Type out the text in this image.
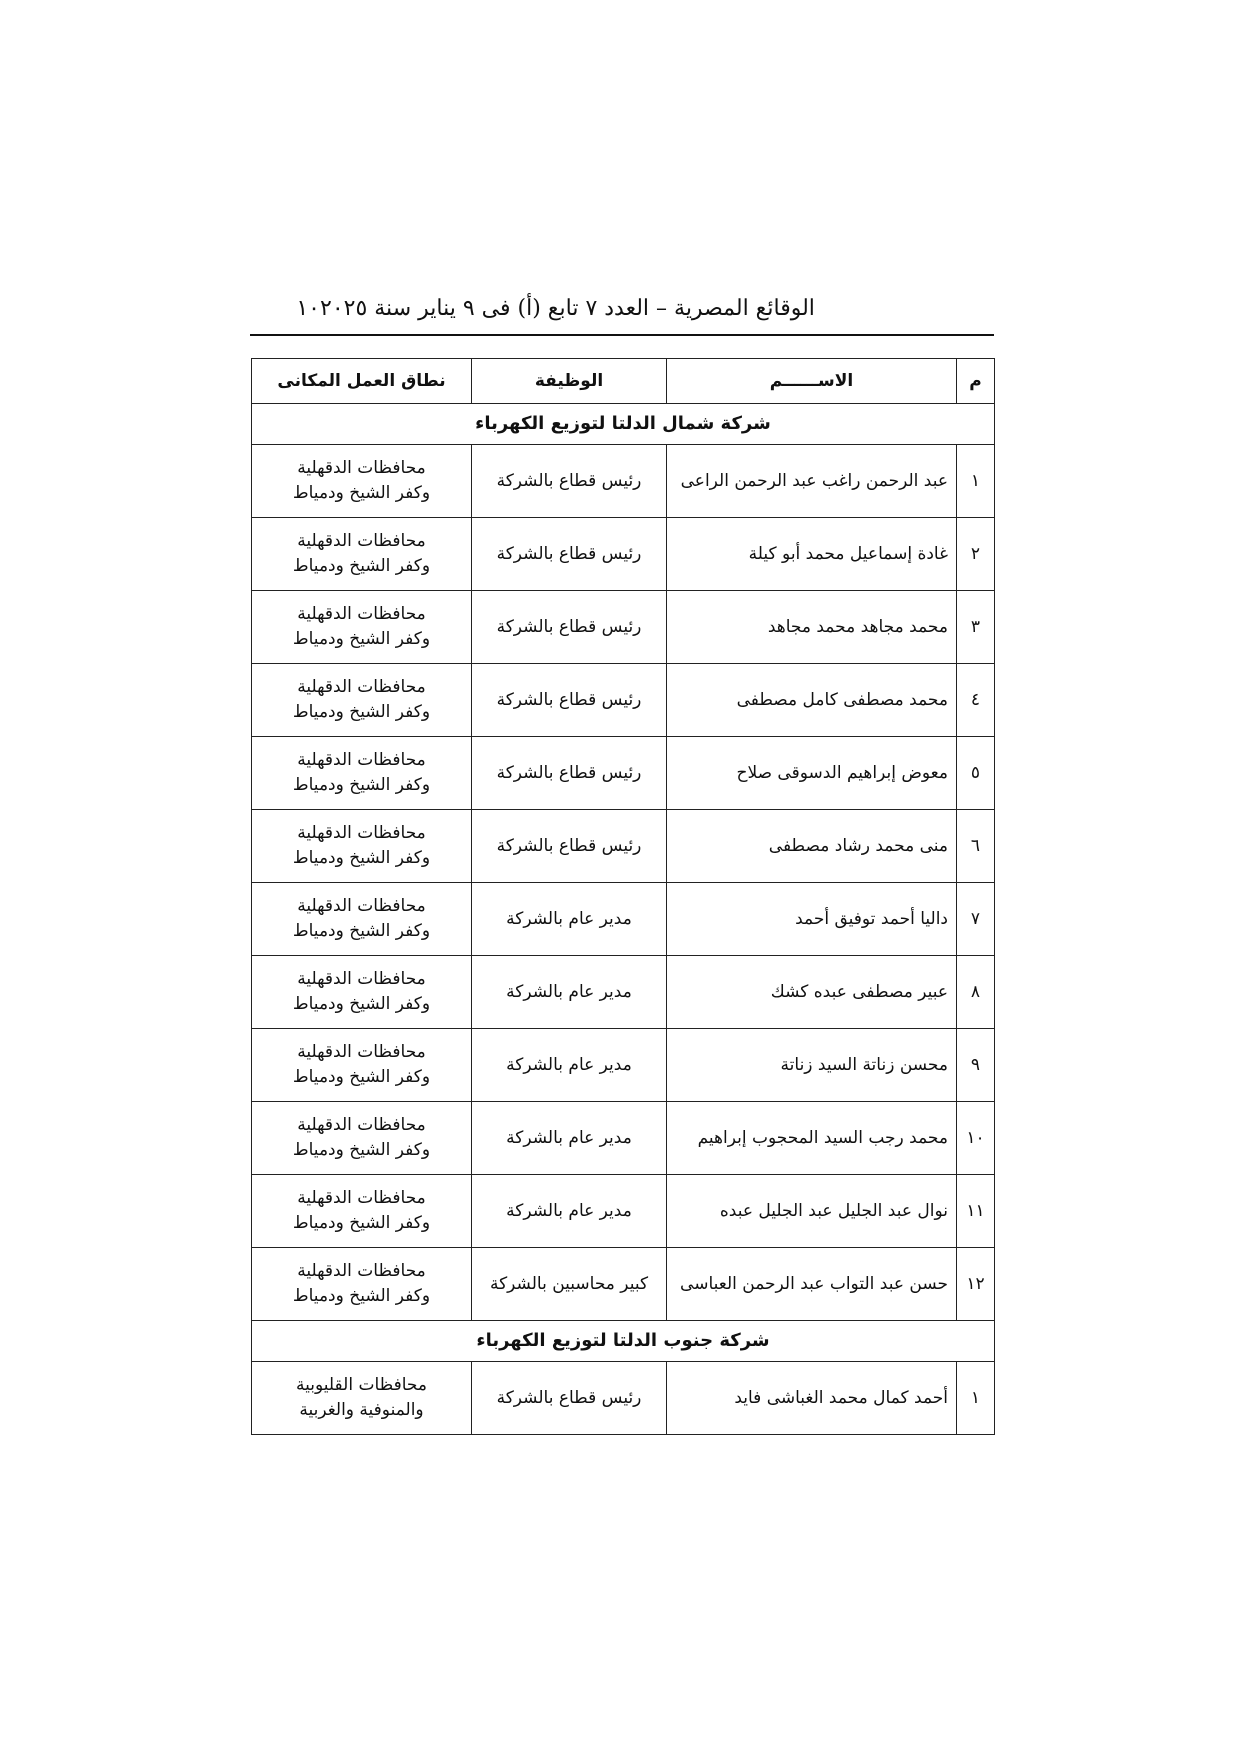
١٠ الوقائع المصرية – العدد ٧ تابع (أ) فى ٩ يناير سنة ٢٠٢٥
م	الاســــــم	الوظيفة	نطاق العمل المكانى
شركة شمال الدلتا لتوزيع الكهرباء			
١	عبد الرحمن راغب عبد الرحمن الراعى	رئيس قطاع بالشركة	محافظات الدقهلية
وكفر الشيخ ودمياط

٢	غادة إسماعيل محمد أبو كيلة	رئيس قطاع بالشركة	محافظات الدقهلية
وكفر الشيخ ودمياط

٣	محمد مجاهد محمد مجاهد	رئيس قطاع بالشركة	محافظات الدقهلية
وكفر الشيخ ودمياط

٤	محمد مصطفى كامل مصطفى	رئيس قطاع بالشركة	محافظات الدقهلية
وكفر الشيخ ودمياط

٥	معوض إبراهيم الدسوقى صلاح	رئيس قطاع بالشركة	محافظات الدقهلية
وكفر الشيخ ودمياط

٦	منى محمد رشاد مصطفى	رئيس قطاع بالشركة	محافظات الدقهلية
وكفر الشيخ ودمياط

٧	داليا أحمد توفيق أحمد	مدير عام بالشركة	محافظات الدقهلية
وكفر الشيخ ودمياط

٨	عبير مصطفى عبده كشك	مدير عام بالشركة	محافظات الدقهلية
وكفر الشيخ ودمياط

٩	محسن زناتة السيد زناتة	مدير عام بالشركة	محافظات الدقهلية
وكفر الشيخ ودمياط

١٠	محمد رجب السيد المحجوب إبراهيم	مدير عام بالشركة	محافظات الدقهلية
وكفر الشيخ ودمياط

١١	نوال عبد الجليل عبد الجليل عبده	مدير عام بالشركة	محافظات الدقهلية
وكفر الشيخ ودمياط

١٢	حسن عبد التواب عبد الرحمن العباسى	كبير محاسبين بالشركة	محافظات الدقهلية
وكفر الشيخ ودمياط

شركة جنوب الدلتا لتوزيع الكهرباء			
١	أحمد كمال محمد الغباشى فايد	رئيس قطاع بالشركة	محافظات القليوبية
والمنوفية والغربية
